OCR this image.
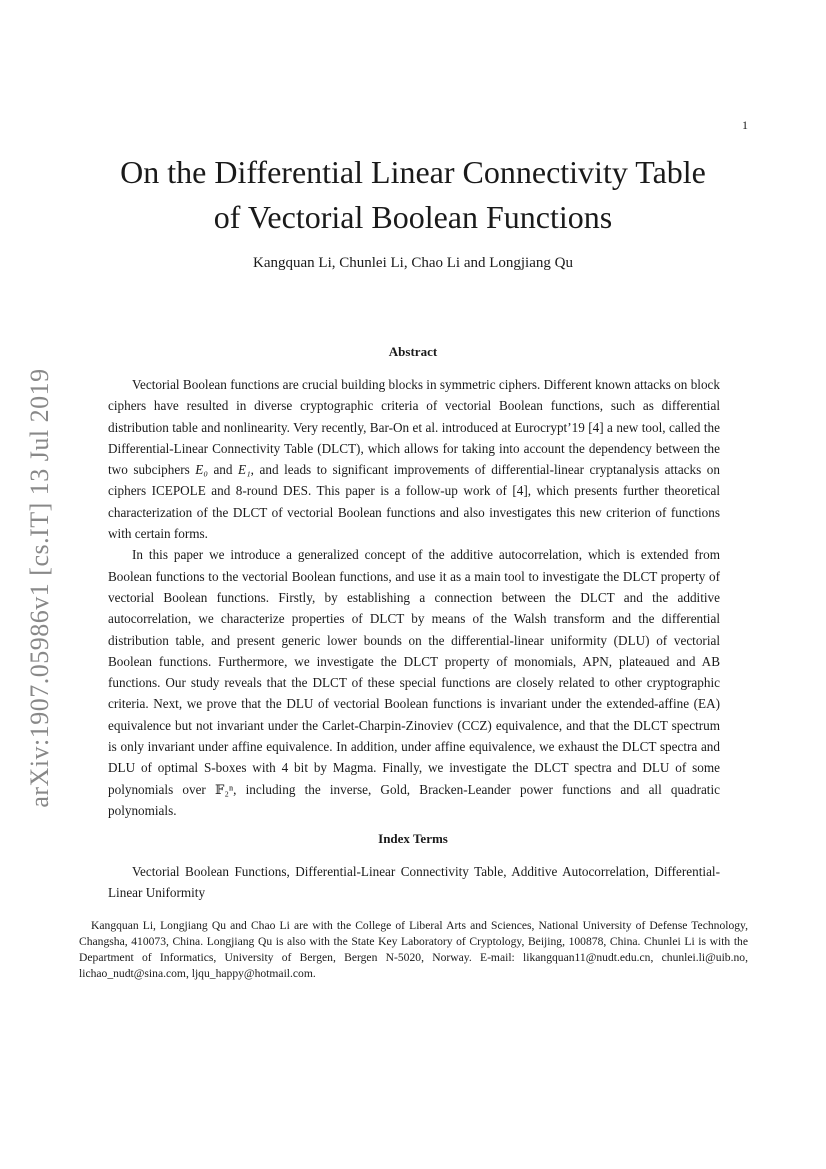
1
arXiv:1907.05986v1 [cs.IT] 13 Jul 2019
On the Differential Linear Connectivity Table
of Vectorial Boolean Functions
Kangquan Li, Chunlei Li, Chao Li and Longjiang Qu
Abstract

Vectorial Boolean functions are crucial building blocks in symmetric ciphers. Different known attacks on block ciphers have resulted in diverse cryptographic criteria of vectorial Boolean functions, such as differential distribution table and nonlinearity. Very recently, Bar-On et al. introduced at Eurocrypt’19 [4] a new tool, called the Differential-Linear Connectivity Table (DLCT), which allows for taking into account the dependency between the two subciphers E₀ and E₁, and leads to significant improvements of differential-linear cryptanalysis attacks on ciphers ICEPOLE and 8-round DES. This paper is a follow-up work of [4], which presents further theoretical characterization of the DLCT of vectorial Boolean functions and also investigates this new criterion of functions with certain forms.

In this paper we introduce a generalized concept of the additive autocorrelation, which is extended from Boolean functions to the vectorial Boolean functions, and use it as a main tool to investigate the DLCT property of vectorial Boolean functions. Firstly, by establishing a connection between the DLCT and the additive autocorrelation, we characterize properties of DLCT by means of the Walsh transform and the differential distribution table, and present generic lower bounds on the differential-linear uniformity (DLU) of vectorial Boolean functions. Furthermore, we investigate the DLCT property of monomials, APN, plateaued and AB functions. Our study reveals that the DLCT of these special functions are closely related to other cryptographic criteria. Next, we prove that the DLU of vectorial Boolean functions is invariant under the extended-affine (EA) equivalence but not invariant under the Carlet-Charpin-Zinoviev (CCZ) equivalence, and that the DLCT spectrum is only invariant under affine equivalence. In addition, under affine equivalence, we exhaust the DLCT spectra and DLU of optimal S-boxes with 4 bit by Magma. Finally, we investigate the DLCT spectra and DLU of some polynomials over 𝔽₂ⁿ, including the inverse, Gold, Bracken-Leander power functions and all quadratic polynomials.

Index Terms
Vectorial Boolean Functions, Differential-Linear Connectivity Table, Additive Autocorrelation, Differential-Linear Uniformity
Kangquan Li, Longjiang Qu and Chao Li are with the College of Liberal Arts and Sciences, National University of Defense Technology, Changsha, 410073, China. Longjiang Qu is also with the State Key Laboratory of Cryptology, Beijing, 100878, China. Chunlei Li is with the Department of Informatics, University of Bergen, Bergen N-5020, Norway. E-mail: likangquan11@nudt.edu.cn, chunlei.li@uib.no, lichao_nudt@sina.com, ljqu_happy@hotmail.com.
